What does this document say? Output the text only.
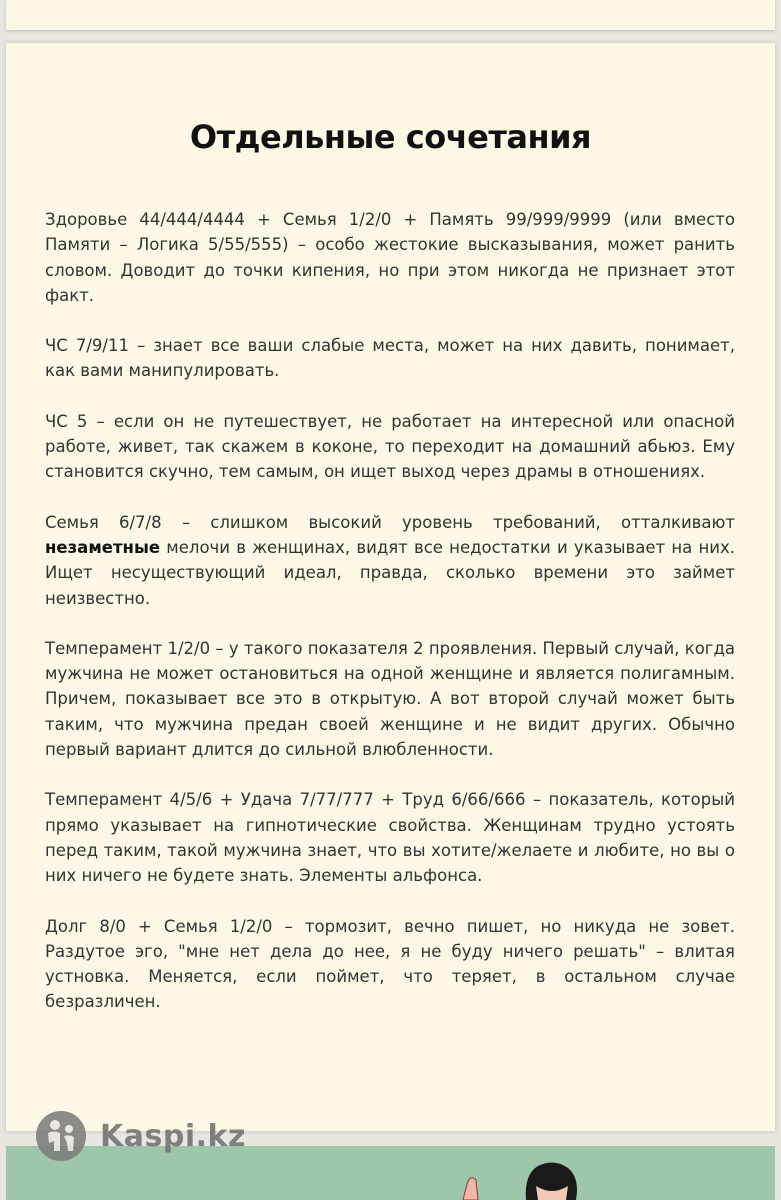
Отдельные сочетания

Здоровье 44/444/4444 + Семья 1/2/0 + Память 99/999/9999 (или вместо Памяти – Логика 5/55/555) – особо жестокие высказывания, может ранить словом. Доводит до точки кипения, но при этом никогда не признает этот факт.

ЧС 7/9/11 – знает все ваши слабые места, может на них давить, понимает, как вами манипулировать.

ЧС 5 – если он не путешествует, не работает на интересной или опасной работе, живет, так скажем в коконе, то переходит на домашний абьюз. Ему становится скучно, тем самым, он ищет выход через драмы в отношениях.

Семья 6/7/8 – слишком высокий уровень требований, отталкивают незаметные мелочи в женщинах, видят все недостатки и указывает на них. Ищет несуществующий идеал, правда, сколько времени это займет неизвестно.

Темперамент 1/2/0 – у такого показателя 2 проявления. Первый случай, когда мужчина не может остановиться на одной женщине и является полигамным. Причем, показывает все это в открытую. А вот второй случай может быть таким, что мужчина предан своей женщине и не видит других. Обычно первый вариант длится до сильной влюбленности.

Темперамент 4/5/6 + Удача 7/77/777 + Труд 6/66/666 – показатель, который прямо указывает на гипнотические свойства. Женщинам трудно устоять перед таким, такой мужчина знает, что вы хотите/желаете и любите, но вы о них ничего не будете знать. Элементы альфонса.

Долг 8/0 + Семья 1/2/0 – тормозит, вечно пишет, но никуда не зовет. Раздутое эго, "мне нет дела до нее, я не буду ничего решать" – влитая устновка. Меняется, если поймет, что теряет, в остальном случае безразличен.

Kaspi.kz
